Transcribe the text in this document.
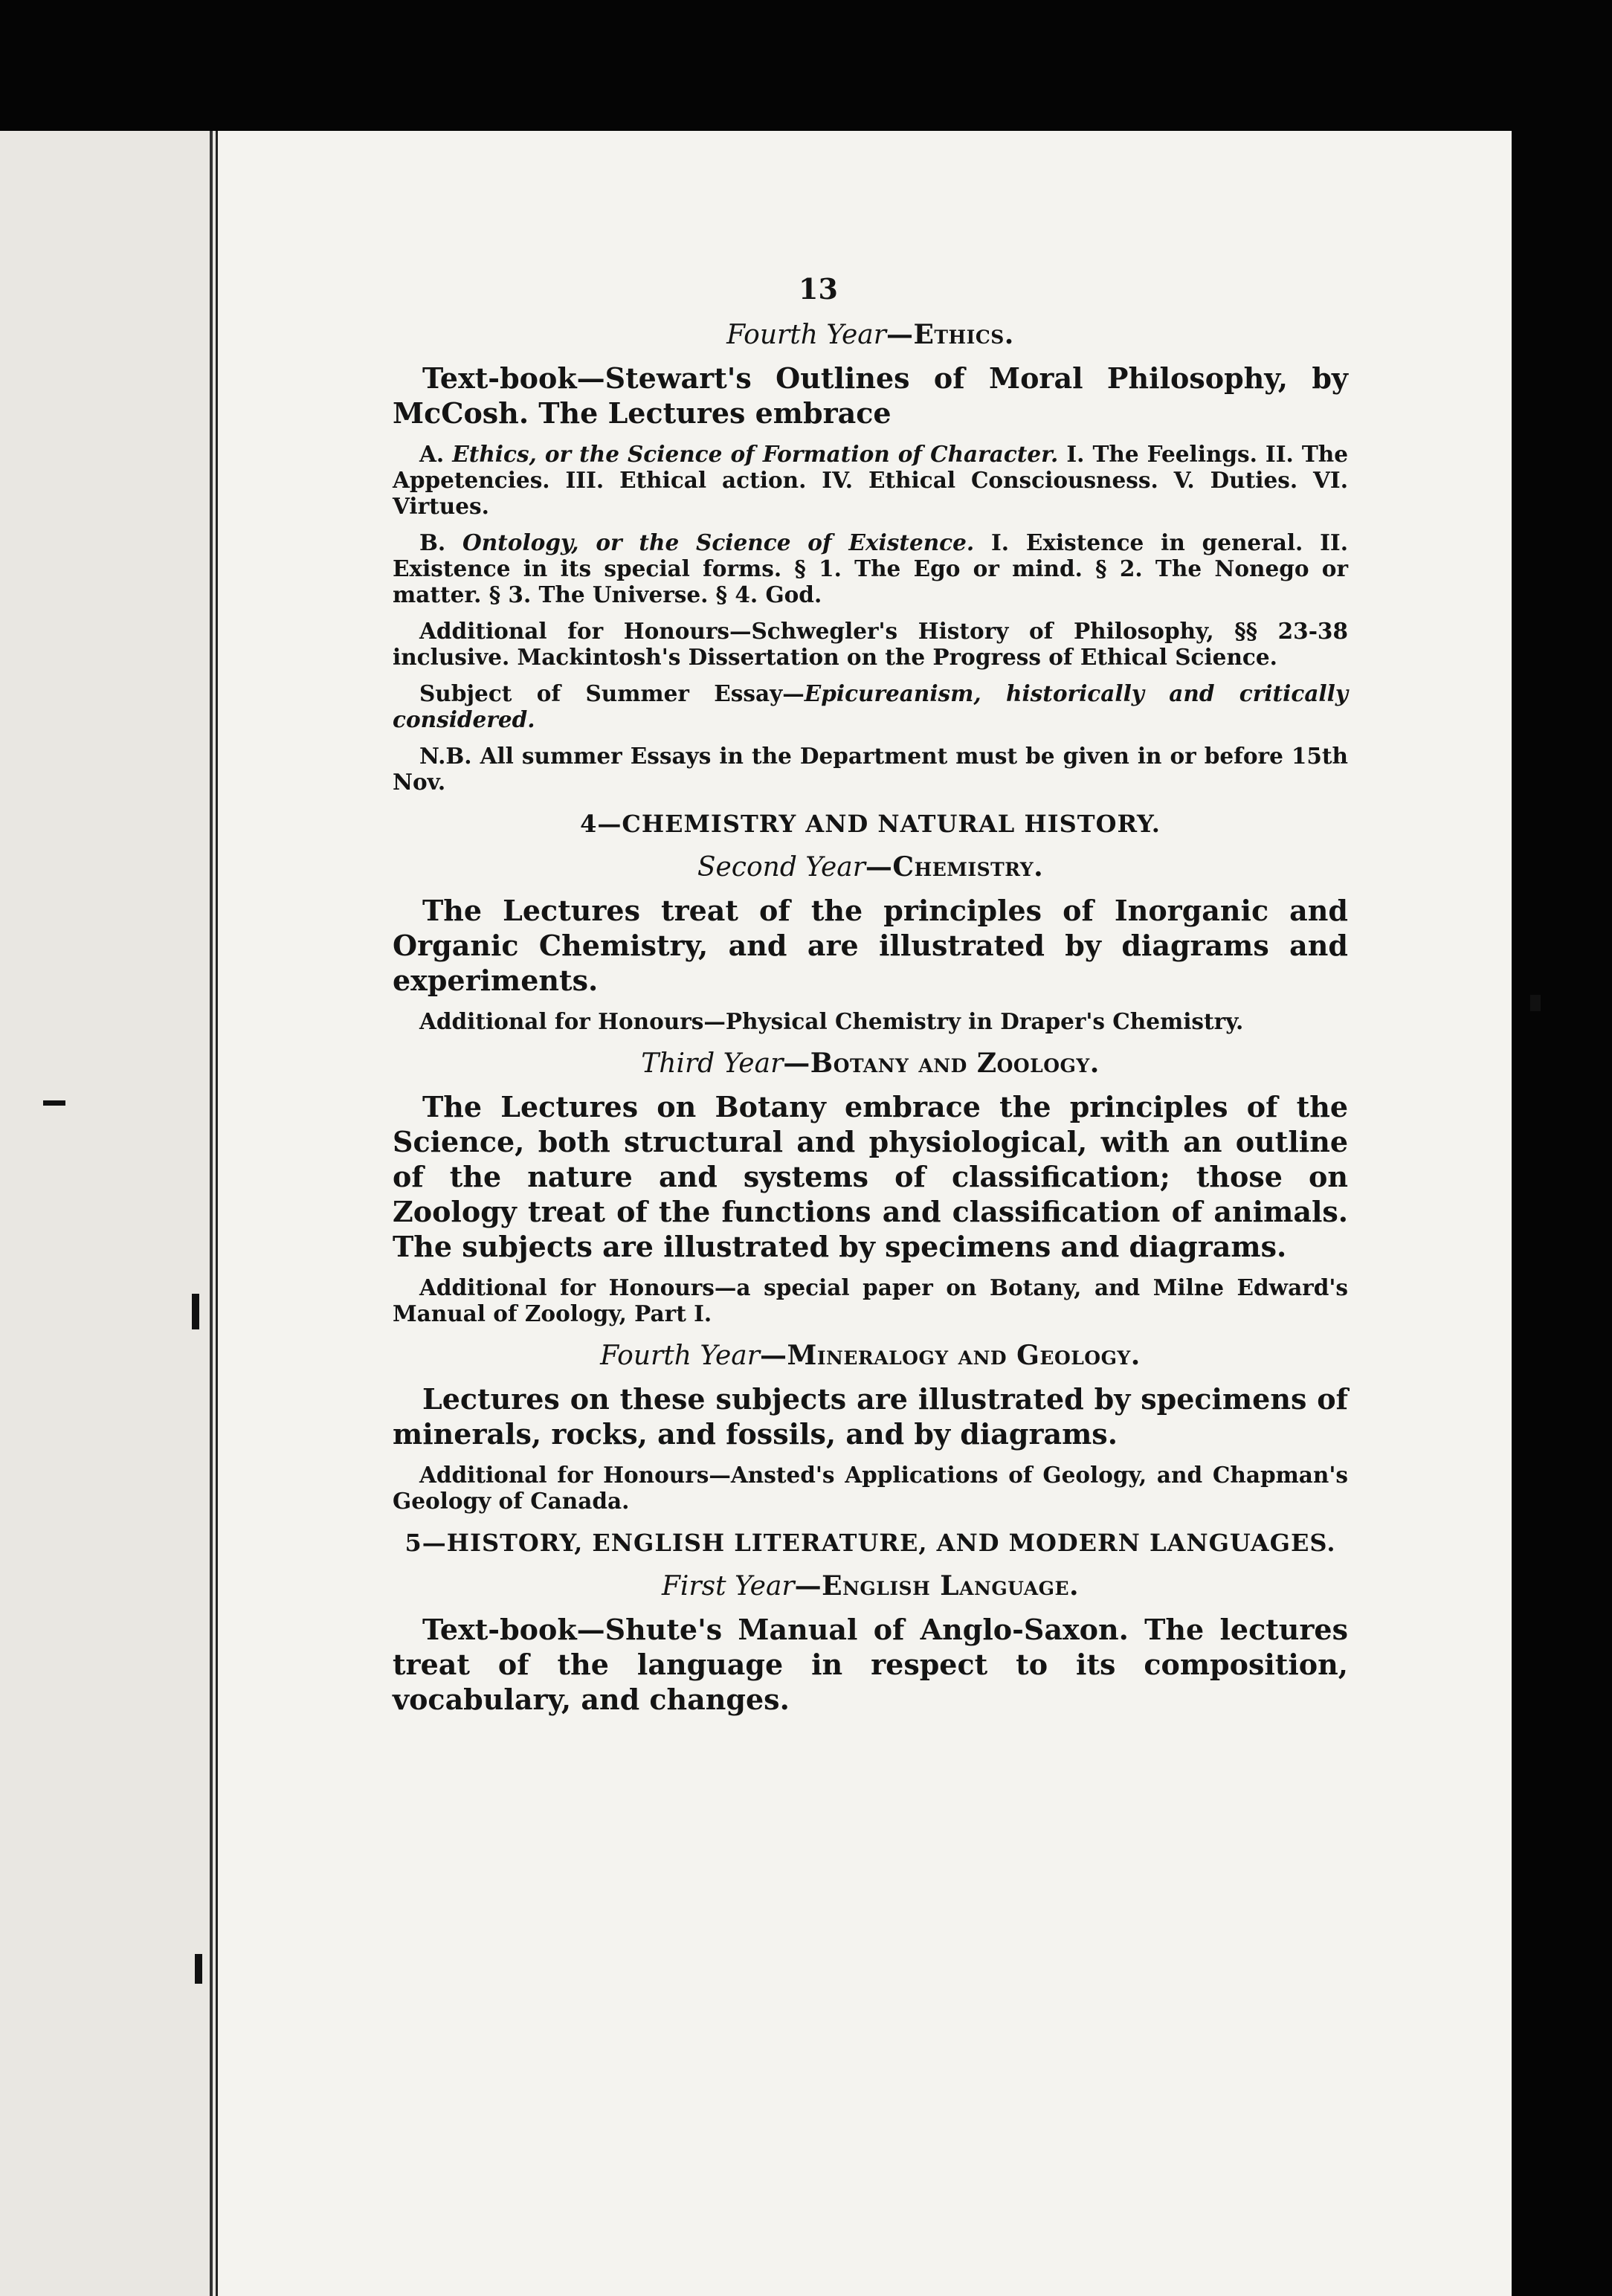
13
Fourth Year—Ethics.

Text-book—Stewart's Outlines of Moral Philosophy, by McCosh. The Lectures embrace

A. Ethics, or the Science of Formation of Character. I. The Feelings. II. The Appetencies. III. Ethical action. IV. Ethical Consciousness. V. Duties. VI. Virtues.

B. Ontology, or the Science of Existence. I. Existence in general. II. Existence in its special forms. § 1. The Ego or mind. § 2. The Nonego or matter. § 3. The Universe. § 4. God.

Additional for Honours—Schwegler's History of Philosophy, §§ 23-38 inclusive. Mackintosh's Dissertation on the Progress of Ethical Science.

Subject of Summer Essay—Epicureanism, historically and critically considered.

N.B. All summer Essays in the Department must be given in or before 15th Nov.

4—CHEMISTRY AND NATURAL HISTORY.
Second Year—Chemistry.

The Lectures treat of the principles of Inorganic and Organic Chemistry, and are illustrated by diagrams and experiments.

Additional for Honours—Physical Chemistry in Draper's Chemistry.

Third Year—Botany and Zoology.

The Lectures on Botany embrace the principles of the Science, both structural and physiological, with an outline of the nature and systems of classification; those on Zoology treat of the functions and classification of animals. The subjects are illustrated by specimens and diagrams.

Additional for Honours—a special paper on Botany, and Milne Edward's Manual of Zoology, Part I.

Fourth Year—Mineralogy and Geology.

Lectures on these subjects are illustrated by specimens of minerals, rocks, and fossils, and by diagrams.

Additional for Honours—Ansted's Applications of Geology, and Chapman's Geology of Canada.

5—HISTORY, ENGLISH LITERATURE, AND MODERN LANGUAGES.
First Year—English Language.

Text-book—Shute's Manual of Anglo-Saxon. The lectures treat of the language in respect to its composition, vocabulary, and changes.
